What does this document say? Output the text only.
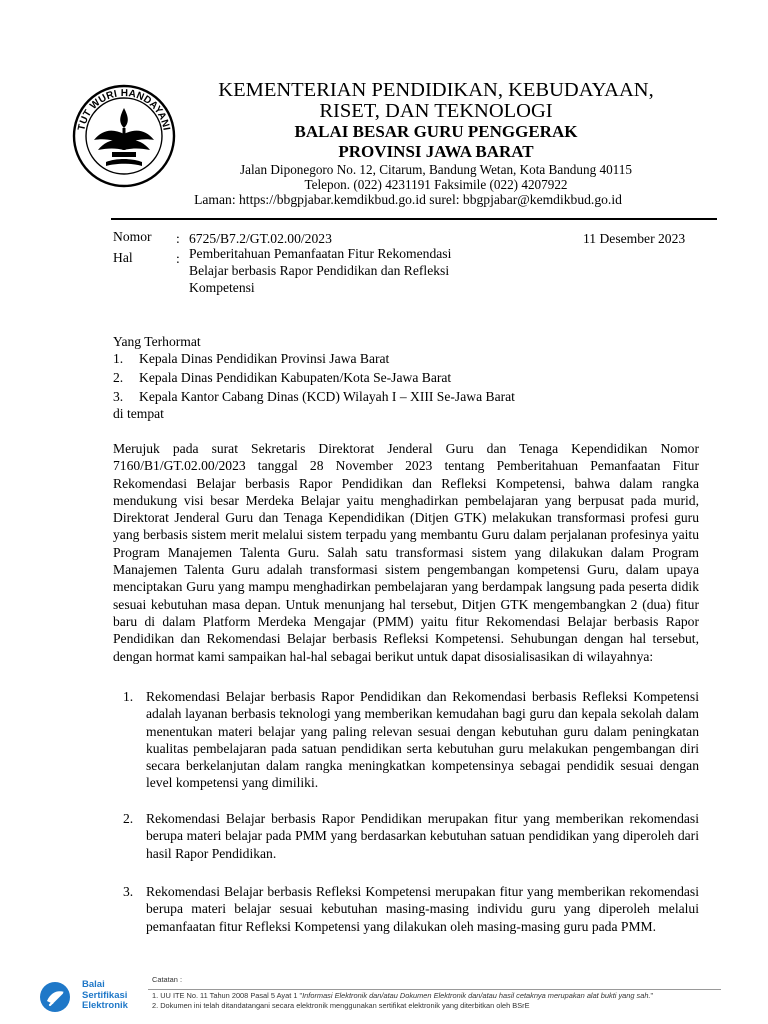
TUT WURI HANDAYANI
KEMENTERIAN PENDIDIKAN, KEBUDAYAAN,
RISET, DAN TEKNOLOGI
BALAI BESAR GURU PENGGERAK
PROVINSI JAWA BARAT
Jalan Diponegoro No. 12, Citarum, Bandung Wetan, Kota Bandung 40115
Telepon. (022) 4231191 Faksimile (022) 4207922
Laman: https://bbgpjabar.kemdikbud.go.id surel: bbgpjabar@kemdikbud.go.id
Nomor : 6725/B7.2/GT.02.00/2023	11 Desember 2023
Hal	: Pemberitahuan Pemanfaatan Fitur Rekomendasi Belajar berbasis Rapor Pendidikan dan Refleksi Kompetensi
Yang Terhormat
1. Kepala Dinas Pendidikan Provinsi Jawa Barat
2. Kepala Dinas Pendidikan Kabupaten/Kota Se-Jawa Barat
3. Kepala Kantor Cabang Dinas (KCD) Wilayah I – XIII Se-Jawa Barat
di tempat
Merujuk pada surat Sekretaris Direktorat Jenderal Guru dan Tenaga Kependidikan Nomor 7160/B1/GT.02.00/2023 tanggal 28 November 2023 tentang Pemberitahuan Pemanfaatan Fitur Rekomendasi Belajar berbasis Rapor Pendidikan dan Refleksi Kompetensi, bahwa dalam rangka mendukung visi besar Merdeka Belajar yaitu menghadirkan pembelajaran yang berpusat pada murid, Direktorat Jenderal Guru dan Tenaga Kependidikan (Ditjen GTK) melakukan transformasi profesi guru yang berbasis sistem merit melalui sistem terpadu yang membantu Guru dalam perjalanan profesinya yaitu Program Manajemen Talenta Guru. Salah satu transformasi sistem yang dilakukan dalam Program Manajemen Talenta Guru adalah transformasi sistem pengembangan kompetensi Guru, dalam upaya menciptakan Guru yang mampu menghadirkan pembelajaran yang berdampak langsung pada peserta didik sesuai kebutuhan masa depan. Untuk menunjang hal tersebut, Ditjen GTK mengembangkan 2 (dua) fitur baru di dalam Platform Merdeka Mengajar (PMM) yaitu fitur Rekomendasi Belajar berbasis Rapor Pendidikan dan Rekomendasi Belajar berbasis Refleksi Kompetensi. Sehubungan dengan hal tersebut, dengan hormat kami sampaikan hal-hal sebagai berikut untuk dapat disosialisasikan di wilayahnya:
1. Rekomendasi Belajar berbasis Rapor Pendidikan dan Rekomendasi berbasis Refleksi Kompetensi adalah layanan berbasis teknologi yang memberikan kemudahan bagi guru dan kepala sekolah dalam menentukan materi belajar yang paling relevan sesuai dengan kebutuhan guru dalam peningkatan kualitas pembelajaran pada satuan pendidikan serta kebutuhan guru melakukan pengembangan diri secara berkelanjutan dalam rangka meningkatkan kompetensinya sebagai pendidik sesuai dengan level kompetensi yang dimiliki.
2. Rekomendasi Belajar berbasis Rapor Pendidikan merupakan fitur yang memberikan rekomendasi berupa materi belajar pada PMM yang berdasarkan kebutuhan satuan pendidikan yang diperoleh dari hasil Rapor Pendidikan.
3. Rekomendasi Belajar berbasis Refleksi Kompetensi merupakan fitur yang memberikan rekomendasi berupa materi belajar sesuai kebutuhan masing-masing individu guru yang diperoleh melalui pemanfaatan fitur Refleksi Kompetensi yang dilakukan oleh masing-masing guru pada PMM.
Balai
Sertifikasi
Elektronik
Catatan :
1. UU ITE No. 11 Tahun 2008 Pasal 5 Ayat 1 "Informasi Elektronik dan/atau Dokumen Elektronik dan/atau hasil cetaknya merupakan alat bukti yang sah."
2. Dokumen ini telah ditandatangani secara elektronik menggunakan sertifikat elektronik yang diterbitkan oleh BSrE
